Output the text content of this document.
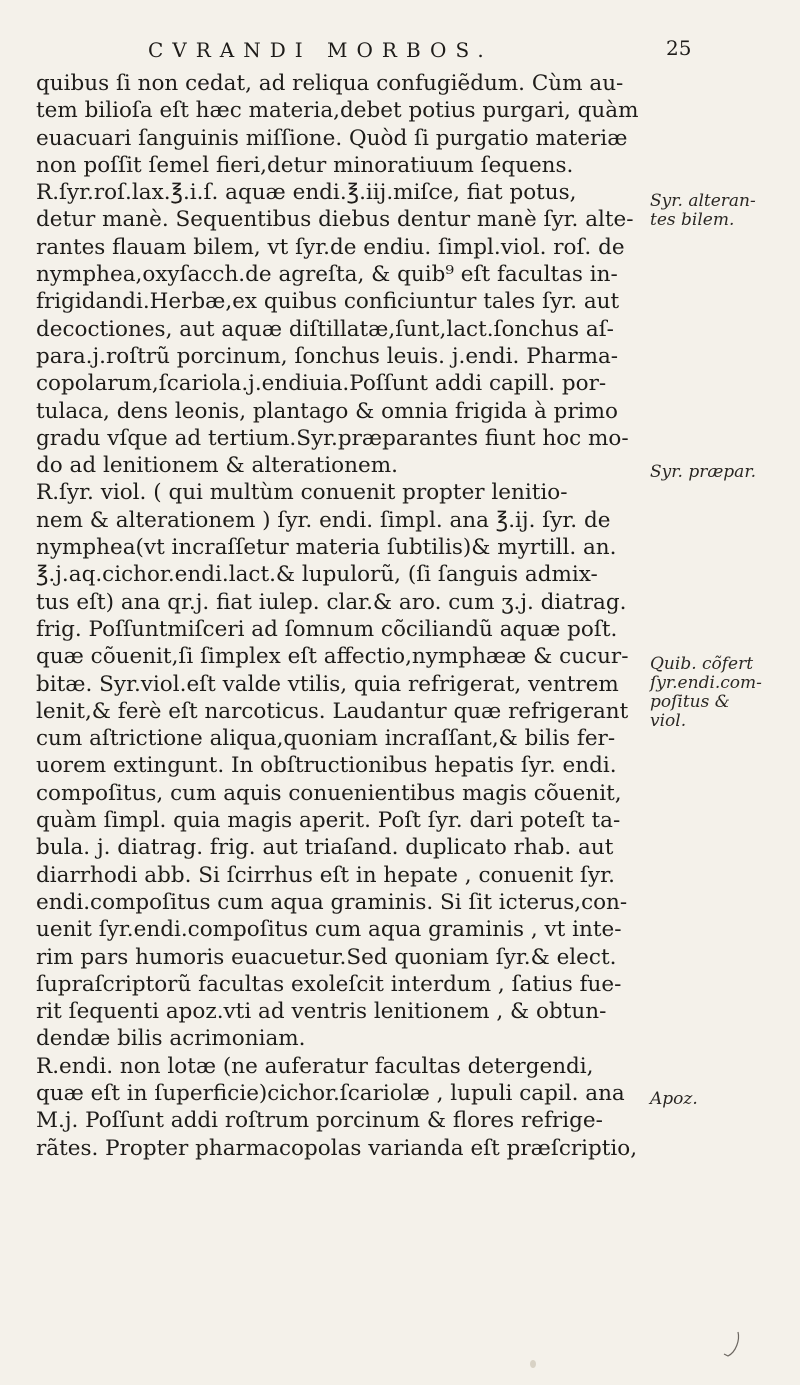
CVRANDI MORBOS.	25
quibus ſi non cedat, ad reliqua confugiẽdum. Cùm au-
tem bilioſa eſt hæc materia,debet potius purgari, quàm
euacuari ſanguinis miſſione. Quòd ſi purgatio materiæ
non poſſit ſemel fieri,detur minoratiuum ſequens.
R.ſyr.roſ.lax.℥.i.ſ. aquæ endi.℥.iij.miſce, fiat potus,
detur manè. Sequentibus diebus dentur manè ſyr. alte-
rantes flauam bilem, vt ſyr.de endiu. ſimpl.viol. roſ. de
nymphea,oxyſacch.de agreſta, & quib⁹ eſt facultas in-
frigidandi.Herbæ,ex quibus conficiuntur tales ſyr. aut
decoctiones, aut aquæ diſtillatæ,ſunt,lact.ſonchus aſ-
para.j.roſtrũ porcinum, ſonchus leuis. j.endi. Pharma-
copolarum,ſcariola.j.endiuia.Poſſunt addi capill. por-
tulaca, dens leonis, plantago & omnia frigida à primo
gradu vſque ad tertium.Syr.præparantes fiunt hoc mo-
do ad lenitionem & alterationem.
R.ſyr. viol. ( qui multùm conuenit propter lenitio-
nem & alterationem ) ſyr. endi. ſimpl. ana ℥.ij. ſyr. de
nymphea(vt incraſſetur materia ſubtilis)& myrtill. an.
℥.j.aq.cichor.endi.lact.& lupulorũ, (ſi ſanguis admix-
tus eſt) ana qr.j. fiat iulep. clar.& aro. cum ʒ.j. diatrag.
frig. Poſſuntmiſceri ad ſomnum cõciliandũ aquæ poſt.
quæ cõuenit,ſi ſimplex eſt affectio,nymphææ & cucur-
bitæ. Syr.viol.eſt valde vtilis, quia refrigerat, ventrem
lenit,& ferè eſt narcoticus. Laudantur quæ refrigerant
cum aſtrictione aliqua,quoniam incraſſant,& bilis fer-
uorem extingunt. In obſtructionibus hepatis ſyr. endi.
compoſitus, cum aquis conuenientibus magis cõuenit,
quàm ſimpl. quia magis aperit. Poſt ſyr. dari poteſt ta-
bula. j. diatrag. frig. aut triaſand. duplicato rhab. aut
diarrhodi abb. Si ſcirrhus eſt in hepate , conuenit ſyr.
endi.compoſitus cum aqua graminis. Si ſit icterus,con-
uenit ſyr.endi.compoſitus cum aqua graminis , vt inte-
rim pars humoris euacuetur.Sed quoniam ſyr.& elect.
ſupraſcriptorũ facultas exoleſcit interdum , ſatius fue-
rit ſequenti apoz.vti ad ventris lenitionem , & obtun-
dendæ bilis acrimoniam.
R.endi. non lotæ (ne auferatur facultas detergendi,
quæ eſt in ſuperficie)cichor.ſcariolæ , lupuli capil. ana
M.j. Poſſunt addi roſtrum porcinum & flores refrige-
rãtes. Propter pharmacopolas varianda eſt præſcriptio,
Syr. alteran-
tes bilem.
Syr. præpar.
Quib. cõfert
ſyr.endi.com-
poſitus &
viol.
Apoz.
